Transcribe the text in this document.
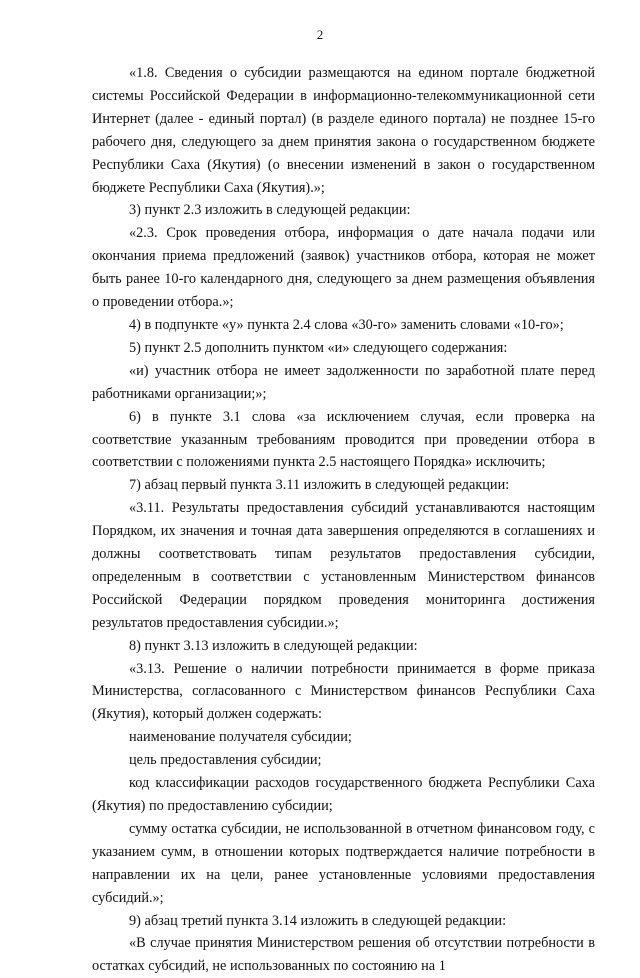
2

«1.8. Сведения о субсидии размещаются на едином портале бюджетной системы Российской Федерации в информационно-телекоммуникационной сети Интернет (далее - единый портал) (в разделе единого портала) не позднее 15-го рабочего дня, следующего за днем принятия закона о государственном бюджете Республики Саха (Якутия) (о внесении изменений в закон о государственном бюджете Республики Саха (Якутия).»;

3) пункт 2.3 изложить в следующей редакции:

«2.3. Срок проведения отбора, информация о дате начала подачи или окончания приема предложений (заявок) участников отбора, которая не может быть ранее 10-го календарного дня, следующего за днем размещения объявления о проведении отбора.»;

4) в подпункте «у» пункта 2.4 слова «30-го» заменить словами «10-го»;

5) пункт 2.5 дополнить пунктом «и» следующего содержания:

«и) участник отбора не имеет задолженности по заработной плате перед работниками организации;»;

6) в пункте 3.1 слова «за исключением случая, если проверка на соответствие указанным требованиям проводится при проведении отбора в соответствии с положениями пункта 2.5 настоящего Порядка» исключить;

7) абзац первый пункта 3.11 изложить в следующей редакции:

«3.11. Результаты предоставления субсидий устанавливаются настоящим Порядком, их значения и точная дата завершения определяются в соглашениях и должны соответствовать типам результатов предоставления субсидии, определенным в соответствии с установленным Министерством финансов Российской Федерации порядком проведения мониторинга достижения результатов предоставления субсидии.»;

8) пункт 3.13 изложить в следующей редакции:

«3.13. Решение о наличии потребности принимается в форме приказа Министерства, согласованного с Министерством финансов Республики Саха (Якутия), который должен содержать:

наименование получателя субсидии;

цель предоставления субсидии;

код классификации расходов государственного бюджета Республики Саха (Якутия) по предоставлению субсидии;

сумму остатка субсидии, не использованной в отчетном финансовом году, с указанием сумм, в отношении которых подтверждается наличие потребности в направлении их на цели, ранее установленные условиями предоставления субсидий.»;

9) абзац третий пункта 3.14 изложить в следующей редакции:

«В случае принятия Министерством решения об отсутствии потребности в остатках субсидий, не использованных по состоянию на 1
